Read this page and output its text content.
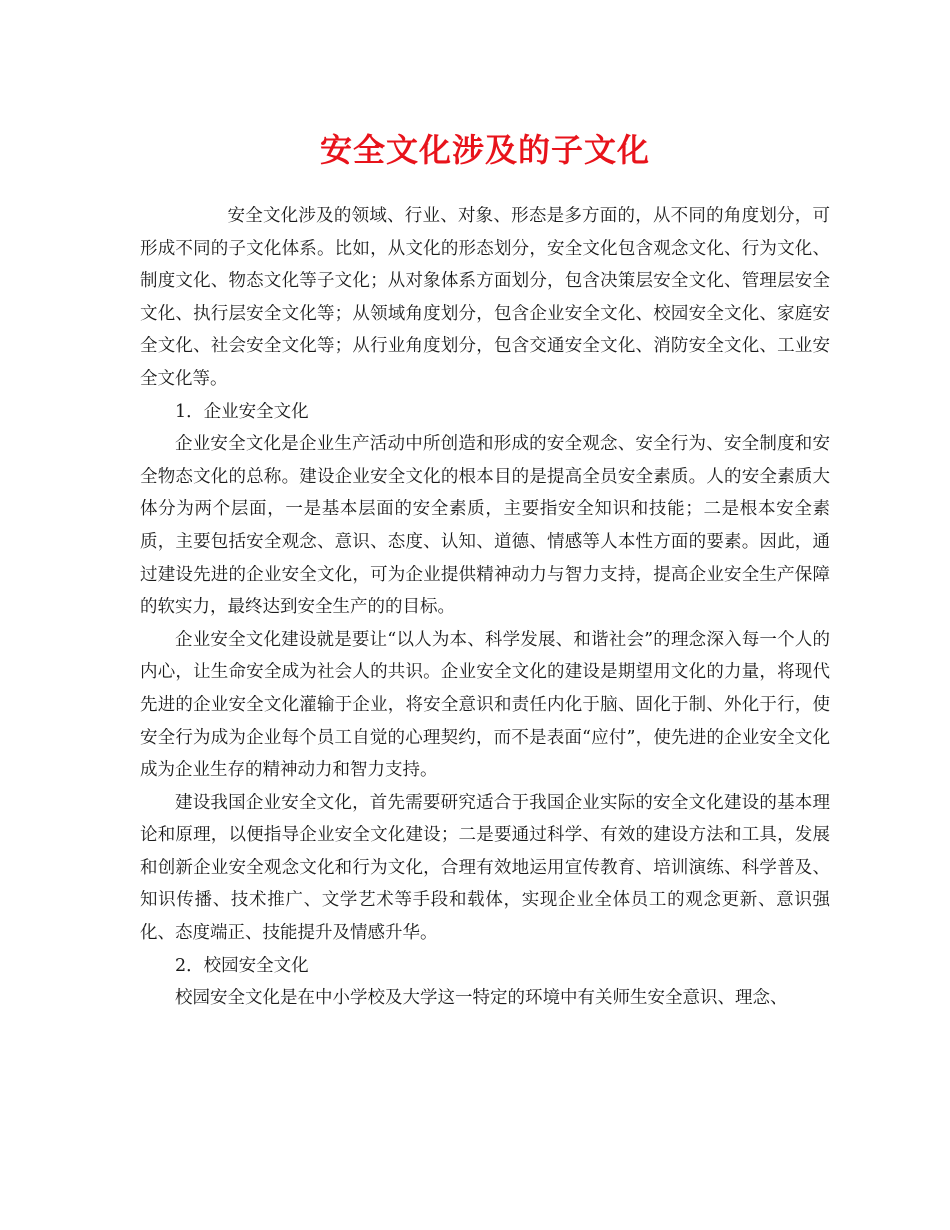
安全文化涉及的子文化

安全文化涉及的领域、行业、对象、形态是多方面的，从不同的角度划分，可形成不同的子文化体系。比如，从文化的形态划分，安全文化包含观念文化、行为文化、制度文化、物态文化等子文化；从对象体系方面划分，包含决策层安全文化、管理层安全文化、执行层安全文化等；从领域角度划分，包含企业安全文化、校园安全文化、家庭安全文化、社会安全文化等；从行业角度划分，包含交通安全文化、消防安全文化、工业安全文化等。

1．企业安全文化

企业安全文化是企业生产活动中所创造和形成的安全观念、安全行为、安全制度和安全物态文化的总称。建设企业安全文化的根本目的是提高全员安全素质。人的安全素质大体分为两个层面，一是基本层面的安全素质，主要指安全知识和技能；二是根本安全素质，主要包括安全观念、意识、态度、认知、道德、情感等人本性方面的要素。因此，通过建设先进的企业安全文化，可为企业提供精神动力与智力支持，提高企业安全生产保障的软实力，最终达到安全生产的的目标。

企业安全文化建设就是要让“以人为本、科学发展、和谐社会”的理念深入每一个人的内心，让生命安全成为社会人的共识。企业安全文化的建设是期望用文化的力量，将现代先进的企业安全文化灌输于企业，将安全意识和责任内化于脑、固化于制、外化于行，使安全行为成为企业每个员工自觉的心理契约，而不是表面“应付”，使先进的企业安全文化成为企业生存的精神动力和智力支持。

建设我国企业安全文化，首先需要研究适合于我国企业实际的安全文化建设的基本理论和原理，以便指导企业安全文化建设；二是要通过科学、有效的建设方法和工具，发展和创新企业安全观念文化和行为文化，合理有效地运用宣传教育、培训演练、科学普及、知识传播、技术推广、文学艺术等手段和载体，实现企业全体员工的观念更新、意识强化、态度端正、技能提升及情感升华。

2．校园安全文化

校园安全文化是在中小学校及大学这一特定的环境中有关师生安全意识、理念、
